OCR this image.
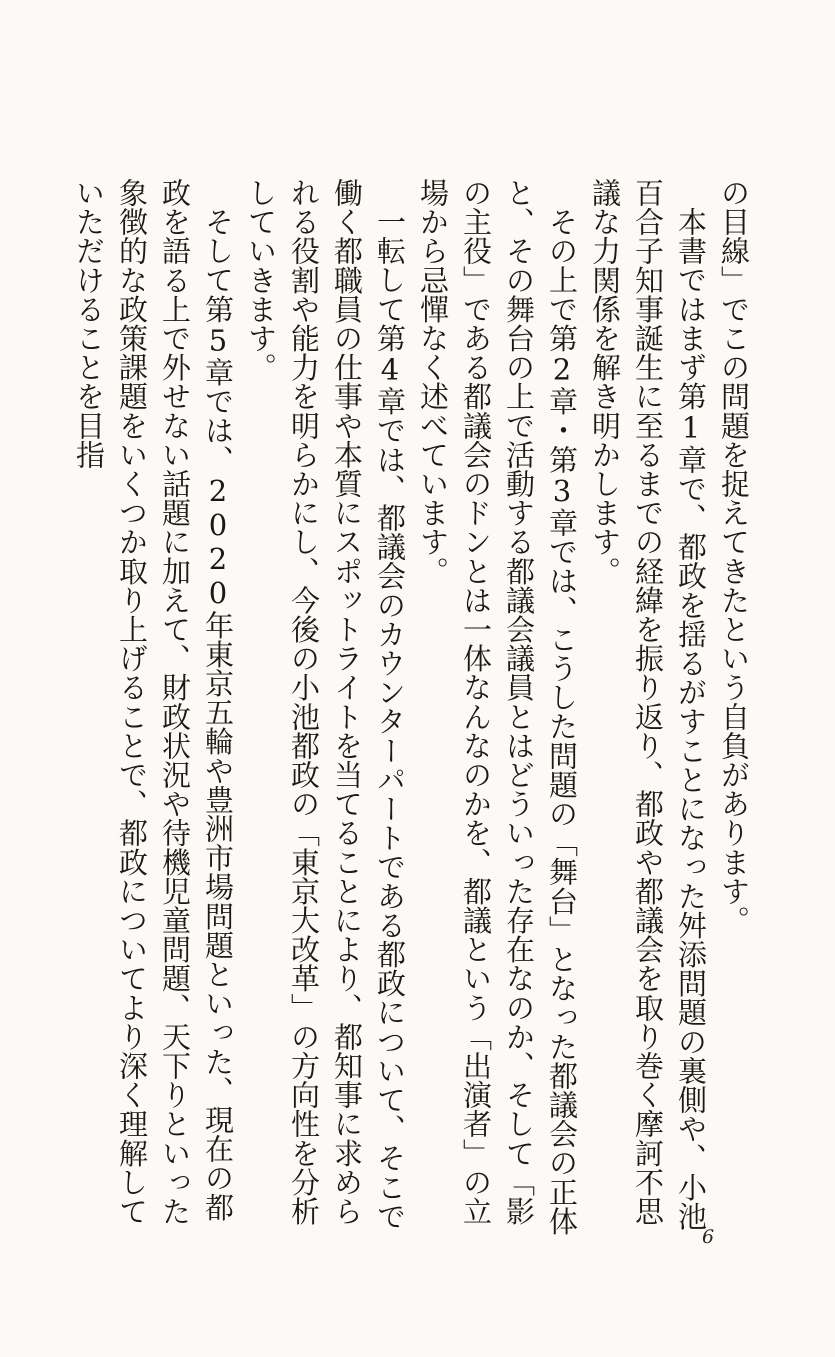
の目線」でこの問題を捉えてきたという自負があります。

本書ではまず第1章で、都政を揺るがすことになった舛添問題の裏側や、小池百合子知事誕生に至るまでの経緯を振り返り、都政や都議会を取り巻く摩訶不思議な力関係を解き明かします。

その上で第2章・第3章では、こうした問題の「舞台」となった都議会の正体と、その舞台の上で活動する都議会議員とはどういった存在なのか、そして「影の主役」である都議会のドンとは一体なんなのかを、都議という「出演者」の立場から忌憚なく述べています。

一転して第4章では、都議会のカウンターパートである都政について、そこで働く都職員の仕事や本質にスポットライトを当てることにより、都知事に求められる役割や能力を明らかにし、今後の小池都政の「東京大改革」の方向性を分析していきます。

そして第5章では、2020年東京五輪や豊洲市場問題といった、現在の都政を語る上で外せない話題に加えて、財政状況や待機児童問題、天下りといった象徴的な政策課題をいくつか取り上げることで、都政についてより深く理解していただけることを目指

6
